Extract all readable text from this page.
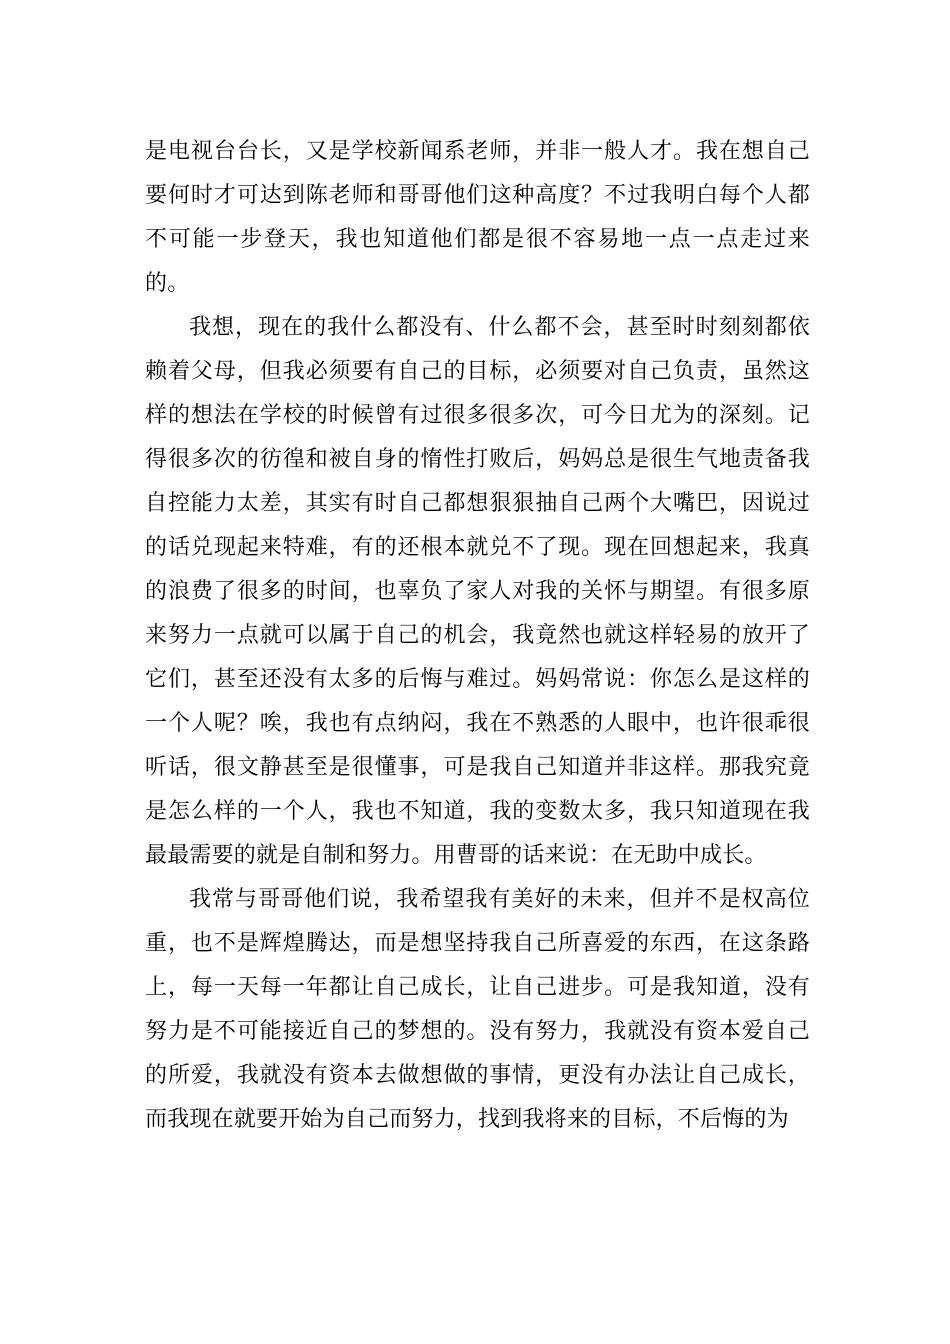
是电视台台长，又是学校新闻系老师，并非一般人才。我在想自己要何时才可达到陈老师和哥哥他们这种高度？不过我明白每个人都不可能一步登天，我也知道他们都是很不容易地一点一点走过来的。

我想，现在的我什么都没有、什么都不会，甚至时时刻刻都依赖着父母，但我必须要有自己的目标，必须要对自己负责，虽然这样的想法在学校的时候曾有过很多很多次，可今日尤为的深刻。记得很多次的彷徨和被自身的惰性打败后，妈妈总是很生气地责备我自控能力太差，其实有时自己都想狠狠抽自己两个大嘴巴，因说过的话兑现起来特难，有的还根本就兑不了现。现在回想起来，我真的浪费了很多的时间，也辜负了家人对我的关怀与期望。有很多原来努力一点就可以属于自己的机会，我竟然也就这样轻易的放开了它们，甚至还没有太多的后悔与难过。妈妈常说：你怎么是这样的一个人呢？唉，我也有点纳闷，我在不熟悉的人眼中，也许很乖很听话，很文静甚至是很懂事，可是我自己知道并非这样。那我究竟是怎么样的一个人，我也不知道，我的变数太多，我只知道现在我最最需要的就是自制和努力。用曹哥的话来说：在无助中成长。

我常与哥哥他们说，我希望我有美好的未来，但并不是权高位重，也不是辉煌腾达，而是想坚持我自己所喜爱的东西，在这条路上，每一天每一年都让自己成长，让自己进步。可是我知道，没有努力是不可能接近自己的梦想的。没有努力，我就没有资本爱自己的所爱，我就没有资本去做想做的事情，更没有办法让自己成长，而我现在就要开始为自己而努力，找到我将来的目标，不后悔的为
